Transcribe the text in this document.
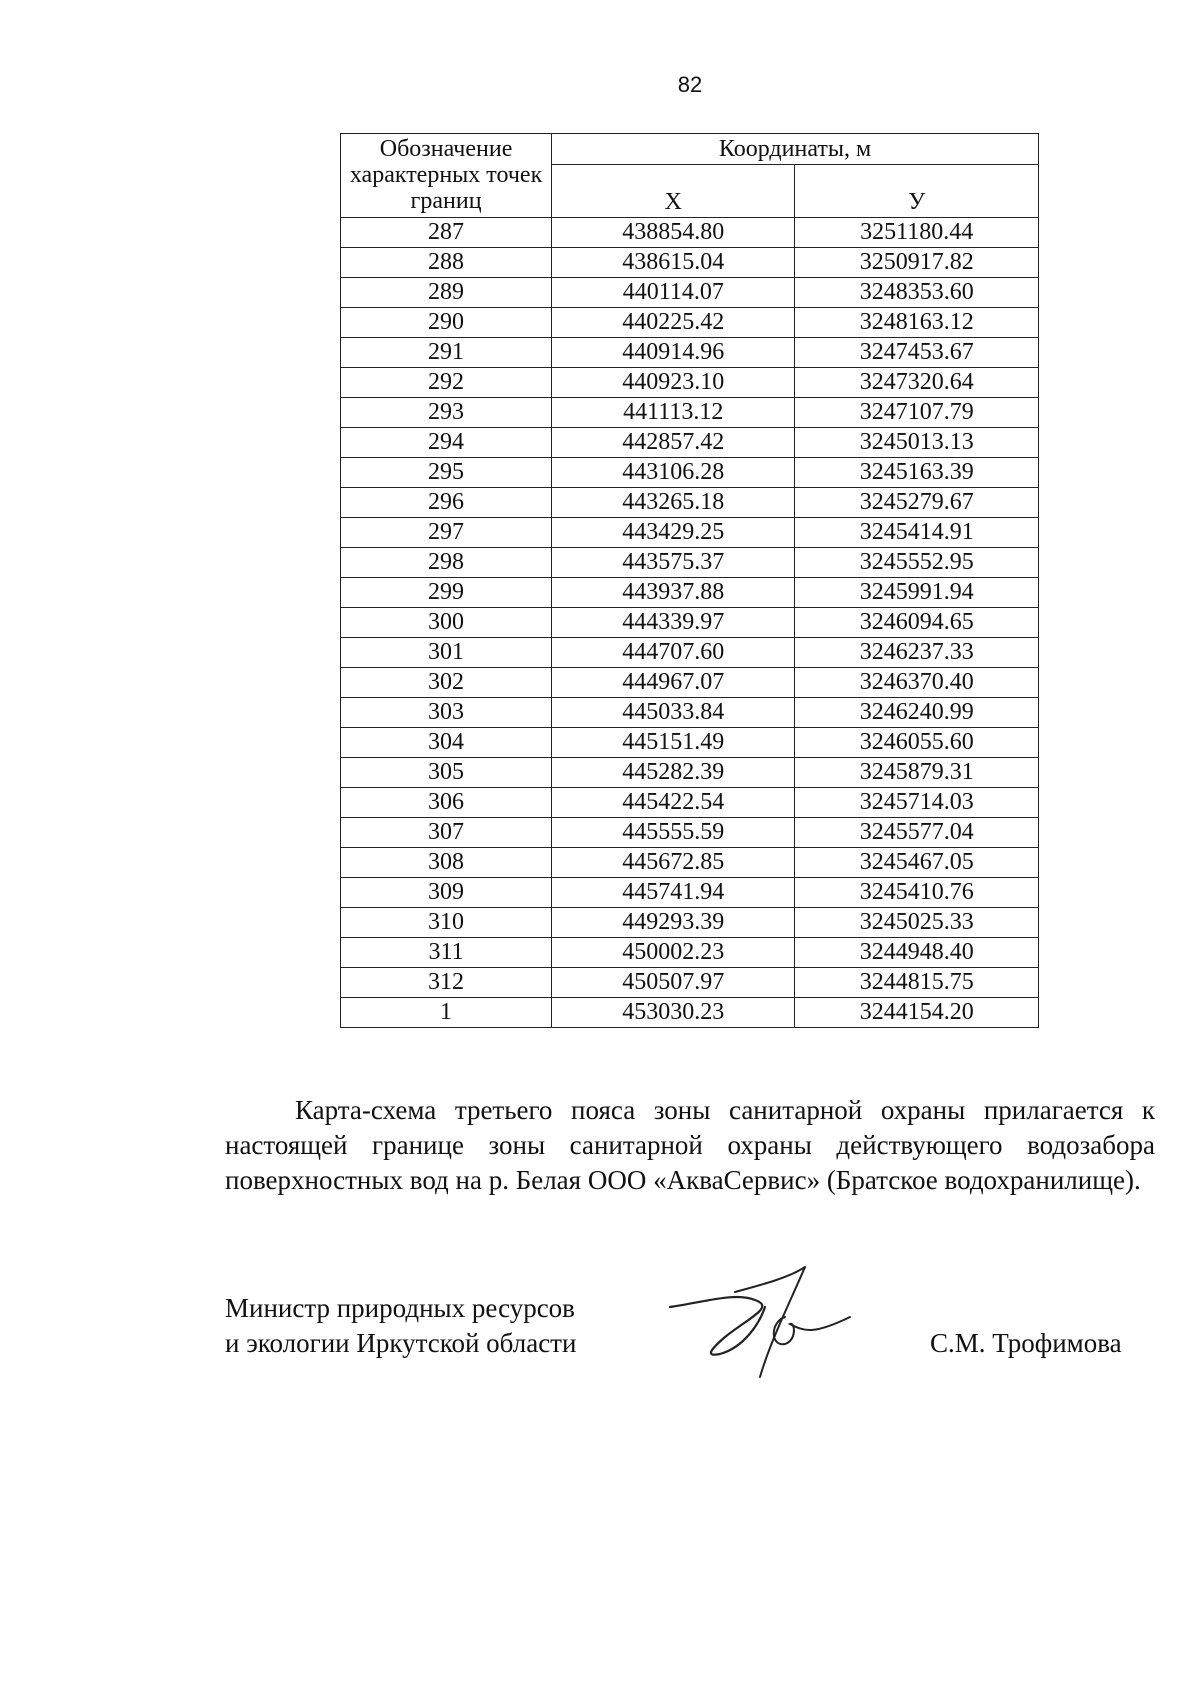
82
Обозначение характерных точек границ	Координаты, м	
	Х	У
287	438854.80	3251180.44
288	438615.04	3250917.82
289	440114.07	3248353.60
290	440225.42	3248163.12
291	440914.96	3247453.67
292	440923.10	3247320.64
293	441113.12	3247107.79
294	442857.42	3245013.13
295	443106.28	3245163.39
296	443265.18	3245279.67
297	443429.25	3245414.91
298	443575.37	3245552.95
299	443937.88	3245991.94
300	444339.97	3246094.65
301	444707.60	3246237.33
302	444967.07	3246370.40
303	445033.84	3246240.99
304	445151.49	3246055.60
305	445282.39	3245879.31
306	445422.54	3245714.03
307	445555.59	3245577.04
308	445672.85	3245467.05
309	445741.94	3245410.76
310	449293.39	3245025.33
311	450002.23	3244948.40
312	450507.97	3244815.75
1	453030.23	3244154.20

Карта-схема третьего пояса зоны санитарной охраны прилагается к настоящей границе зоны санитарной охраны действующего водозабора поверхностных вод на р. Белая ООО «АкваСервис» (Братское водохранилище).

Министр природных ресурсов
и экологии Иркутской области	С.М. Трофимова
